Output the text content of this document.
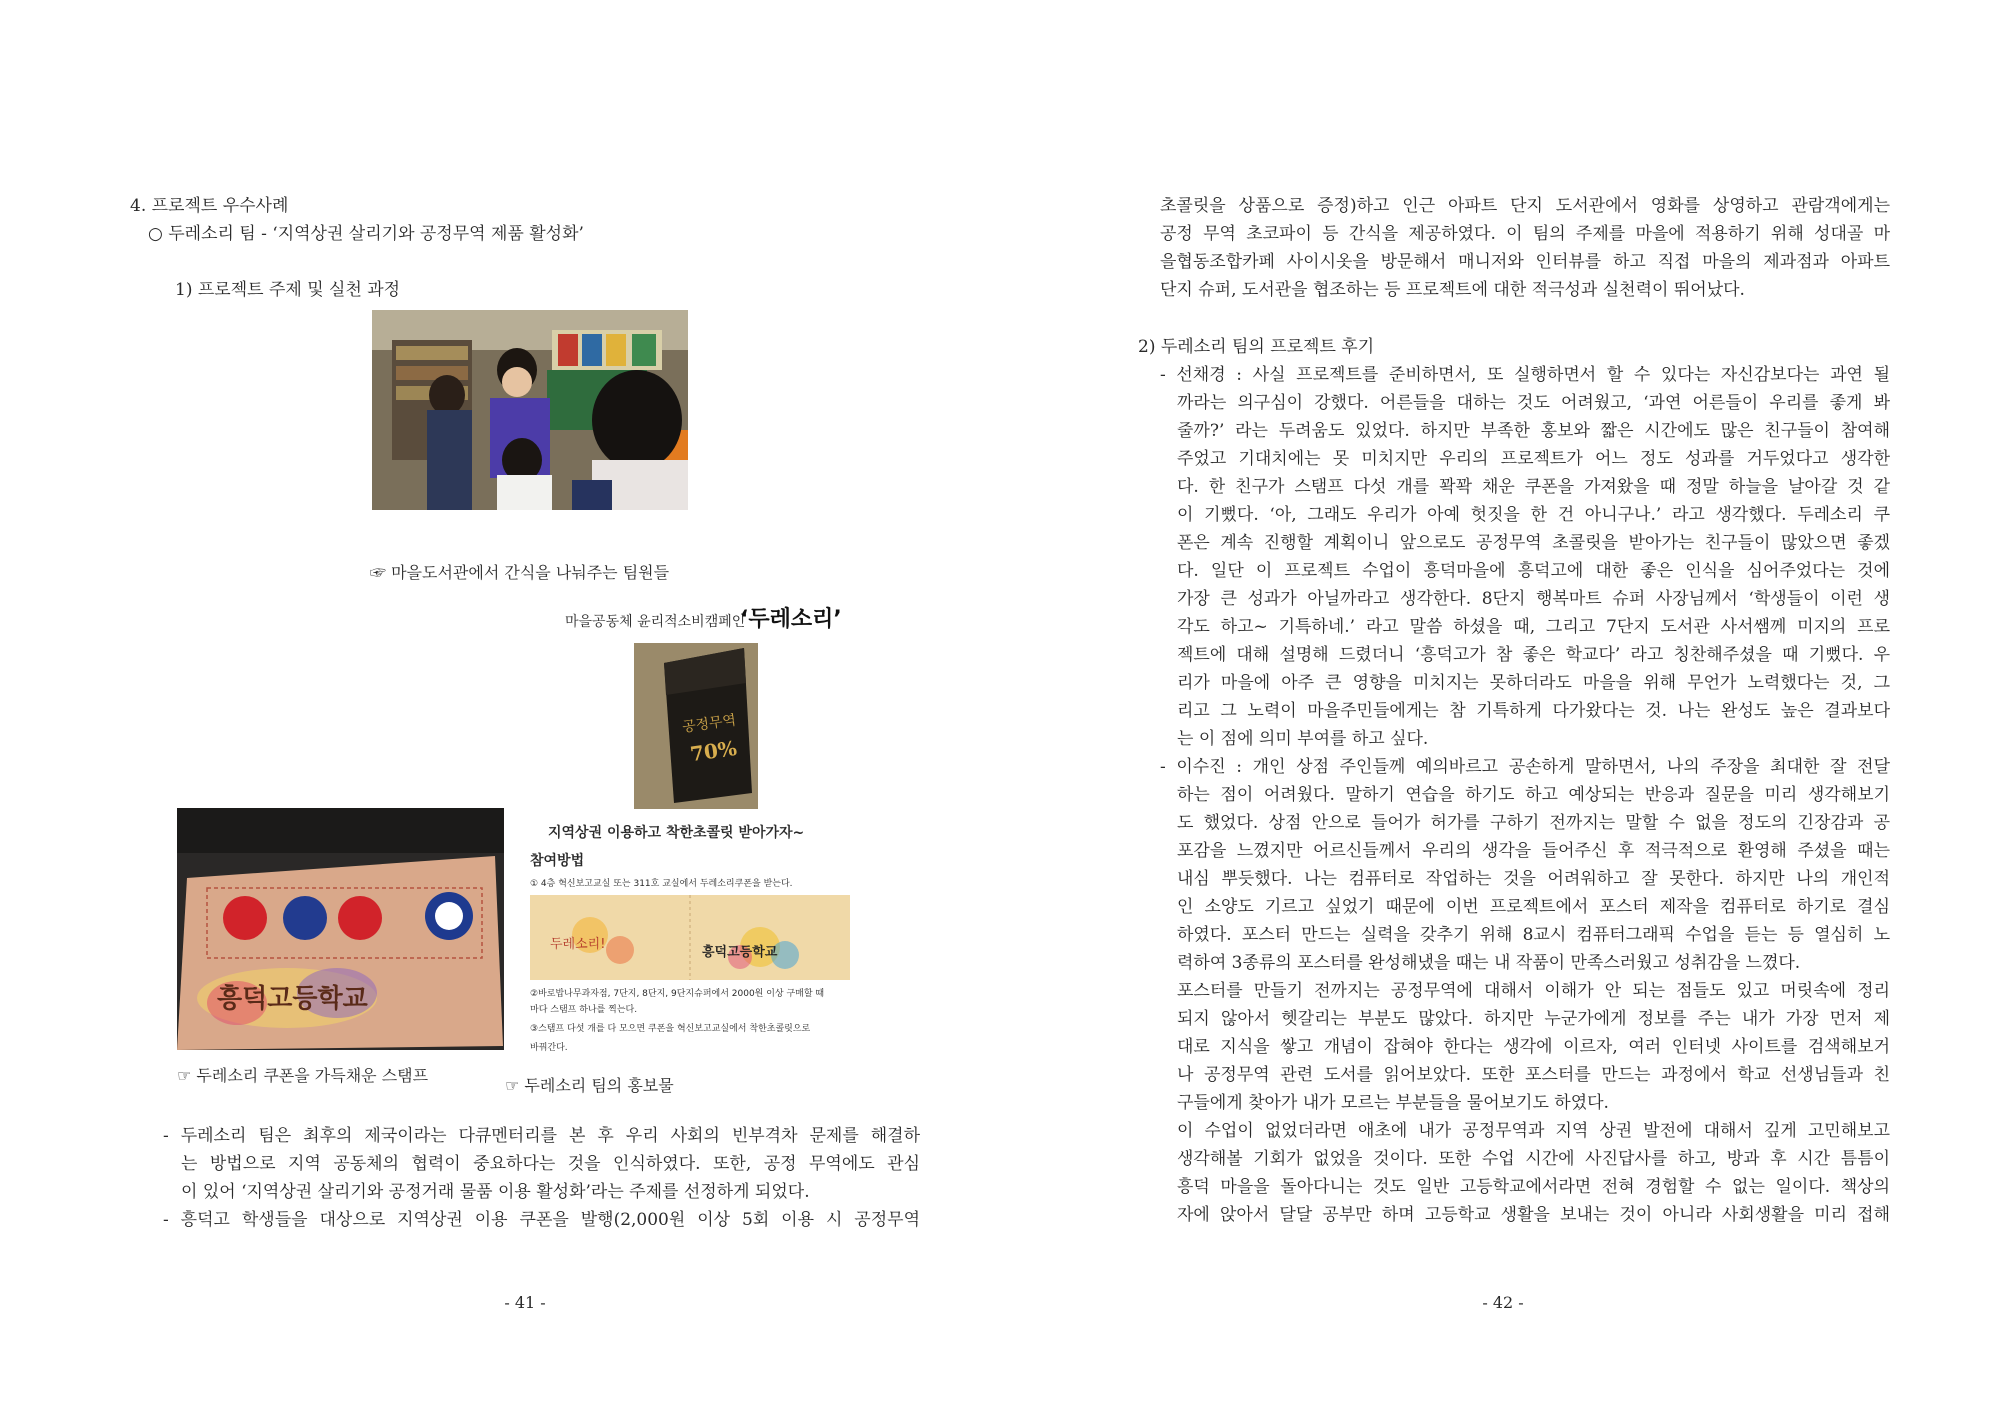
4. 프로젝트 우수사례
○ 두레소리 팀 - ‘지역상권 살리기와 공정무역 제품 활성화’
1) 프로젝트 주제 및 실천 과정
☞ 마을도서관에서 간식을 나눠주는 팀원들
마을공동체 윤리적소비캠페인
‘두레소리’
공정무역
70%
흥덕고등학교
☞ 두레소리 쿠폰을 가득채운 스탬프
지역상권 이용하고 착한초콜릿 받아가자~
참여방법
① 4층 혁신보고교실 또는 311호 교실에서 두레소리쿠폰을 받는다.
두레소리!
흥덕고등학교
②바로밥나무과자점, 7단지, 8단지, 9단지슈퍼에서 2000원 이상 구매할 때
마다 스탬프 하나를 찍는다.
③스탬프 다섯 개를 다 모으면 쿠폰을 혁신보고교실에서 착한초콜릿으로
바꿔간다.
☞ 두레소리 팀의 홍보물
- 두레소리 팀은 최후의 제국이라는 다큐멘터리를 본 후 우리 사회의 빈부격차 문제를 해결하
는 방법으로 지역 공동체의 협력이 중요하다는 것을 인식하였다. 또한, 공정 무역에도 관심
이 있어 ‘지역상권 살리기와 공정거래 물품 이용 활성화’라는 주제를 선정하게 되었다.
- 흥덕고 학생들을 대상으로 지역상권 이용 쿠폰을 발행(2,000원 이상 5회 이용 시 공정무역
- 41 -
초콜릿을 상품으로 증정)하고 인근 아파트 단지 도서관에서 영화를 상영하고 관람객에게는
공정 무역 초코파이 등 간식을 제공하였다. 이 팀의 주제를 마을에 적용하기 위해 성대골 마
을협동조합카페 사이시옷을 방문해서 매니저와 인터뷰를 하고 직접 마을의 제과점과 아파트
단지 슈퍼, 도서관을 협조하는 등 프로젝트에 대한 적극성과 실천력이 뛰어났다.
2) 두레소리 팀의 프로젝트 후기
- 선채경 : 사실 프로젝트를 준비하면서, 또 실행하면서 할 수 있다는 자신감보다는 과연 될
까라는 의구심이 강했다. 어른들을 대하는 것도 어려웠고, ‘과연 어른들이 우리를 좋게 봐
줄까?’ 라는 두려움도 있었다. 하지만 부족한 홍보와 짧은 시간에도 많은 친구들이 참여해
주었고 기대치에는 못 미치지만 우리의 프로젝트가 어느 정도 성과를 거두었다고 생각한
다. 한 친구가 스탬프 다섯 개를 꽉꽉 채운 쿠폰을 가져왔을 때 정말 하늘을 날아갈 것 같
이 기뻤다. ‘아, 그래도 우리가 아예 헛짓을 한 건 아니구나.’ 라고 생각했다. 두레소리 쿠
폰은 계속 진행할 계획이니 앞으로도 공정무역 초콜릿을 받아가는 친구들이 많았으면 좋겠
다. 일단 이 프로젝트 수업이 흥덕마을에 흥덕고에 대한 좋은 인식을 심어주었다는 것에
가장 큰 성과가 아닐까라고 생각한다. 8단지 행복마트 슈퍼 사장님께서 ‘학생들이 이런 생
각도 하고~ 기특하네.’ 라고 말씀 하셨을 때, 그리고 7단지 도서관 사서쌤께 미지의 프로
젝트에 대해 설명해 드렸더니 ‘흥덕고가 참 좋은 학교다’ 라고 칭찬해주셨을 때 기뻤다. 우
리가 마을에 아주 큰 영향을 미치지는 못하더라도 마을을 위해 무언가 노력했다는 것, 그
리고 그 노력이 마을주민들에게는 참 기특하게 다가왔다는 것. 나는 완성도 높은 결과보다
는 이 점에 의미 부여를 하고 싶다.
- 이수진 : 개인 상점 주인들께 예의바르고 공손하게 말하면서, 나의 주장을 최대한 잘 전달
하는 점이 어려웠다. 말하기 연습을 하기도 하고 예상되는 반응과 질문을 미리 생각해보기
도 했었다. 상점 안으로 들어가 허가를 구하기 전까지는 말할 수 없을 정도의 긴장감과 공
포감을 느꼈지만 어르신들께서 우리의 생각을 들어주신 후 적극적으로 환영해 주셨을 때는
내심 뿌듯했다. 나는 컴퓨터로 작업하는 것을 어려워하고 잘 못한다. 하지만 나의 개인적
인 소양도 기르고 싶었기 때문에 이번 프로젝트에서 포스터 제작을 컴퓨터로 하기로 결심
하였다. 포스터 만드는 실력을 갖추기 위해 8교시 컴퓨터그래픽 수업을 듣는 등 열심히 노
력하여 3종류의 포스터를 완성해냈을 때는 내 작품이 만족스러웠고 성취감을 느꼈다.
포스터를 만들기 전까지는 공정무역에 대해서 이해가 안 되는 점들도 있고 머릿속에 정리
되지 않아서 헷갈리는 부분도 많았다. 하지만 누군가에게 정보를 주는 내가 가장 먼저 제
대로 지식을 쌓고 개념이 잡혀야 한다는 생각에 이르자, 여러 인터넷 사이트를 검색해보거
나 공정무역 관련 도서를 읽어보았다. 또한 포스터를 만드는 과정에서 학교 선생님들과 친
구들에게 찾아가 내가 모르는 부분들을 물어보기도 하였다.
이 수업이 없었더라면 애초에 내가 공정무역과 지역 상권 발전에 대해서 깊게 고민해보고
생각해볼 기회가 없었을 것이다. 또한 수업 시간에 사진답사를 하고, 방과 후 시간 틈틈이
흥덕 마을을 돌아다니는 것도 일반 고등학교에서라면 전혀 경험할 수 없는 일이다. 책상의
자에 앉아서 달달 공부만 하며 고등학교 생활을 보내는 것이 아니라 사회생활을 미리 접해
- 42 -
